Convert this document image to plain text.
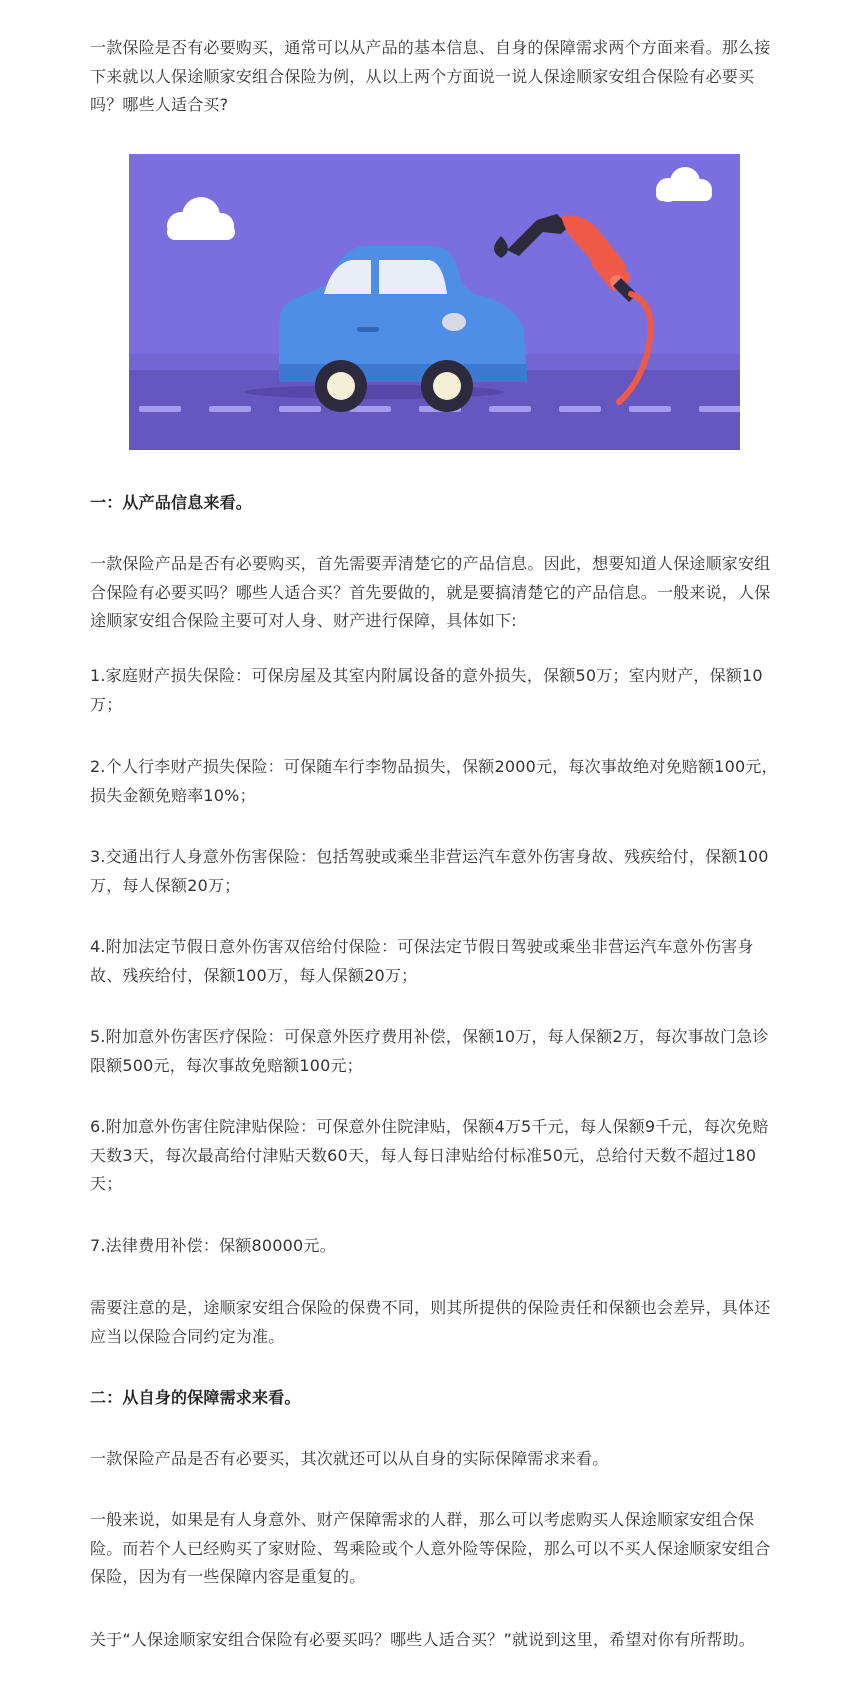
一款保险是否有必要购买，通常可以从产品的基本信息、自身的保障需求两个方面来看。那么接下来就以人保途顺家安组合保险为例，从以上两个方面说一说人保途顺家安组合保险有必要买吗？哪些人适合买?

一：从产品信息来看。

一款保险产品是否有必要购买，首先需要弄清楚它的产品信息。因此，想要知道人保途顺家安组合保险有必要买吗？哪些人适合买？首先要做的，就是要搞清楚它的产品信息。一般来说，人保途顺家安组合保险主要可对人身、财产进行保障，具体如下:

1.家庭财产损失保险：可保房屋及其室内附属设备的意外损失，保额50万；室内财产，保额10万；

2.个人行李财产损失保险：可保随车行李物品损失，保额2000元，每次事故绝对免赔额100元，损失金额免赔率10%；

3.交通出行人身意外伤害保险：包括驾驶或乘坐非营运汽车意外伤害身故、残疾给付，保额100万，每人保额20万；

4.附加法定节假日意外伤害双倍给付保险：可保法定节假日驾驶或乘坐非营运汽车意外伤害身故、残疾给付，保额100万，每人保额20万；

5.附加意外伤害医疗保险：可保意外医疗费用补偿，保额10万，每人保额2万，每次事故门急诊限额500元，每次事故免赔额100元；

6.附加意外伤害住院津贴保险：可保意外住院津贴，保额4万5千元，每人保额9千元，每次免赔天数3天，每次最高给付津贴天数60天，每人每日津贴给付标准50元，总给付天数不超过180天；

7.法律费用补偿：保额80000元。

需要注意的是，途顺家安组合保险的保费不同，则其所提供的保险责任和保额也会差异，具体还应当以保险合同约定为准。

二：从自身的保障需求来看。

一款保险产品是否有必要买，其次就还可以从自身的实际保障需求来看。

一般来说，如果是有人身意外、财产保障需求的人群，那么可以考虑购买人保途顺家安组合保险。而若个人已经购买了家财险、驾乘险或个人意外险等保险，那么可以不买人保途顺家安组合保险，因为有一些保障内容是重复的。

关于“人保途顺家安组合保险有必要买吗？哪些人适合买？”就说到这里，希望对你有所帮助。
